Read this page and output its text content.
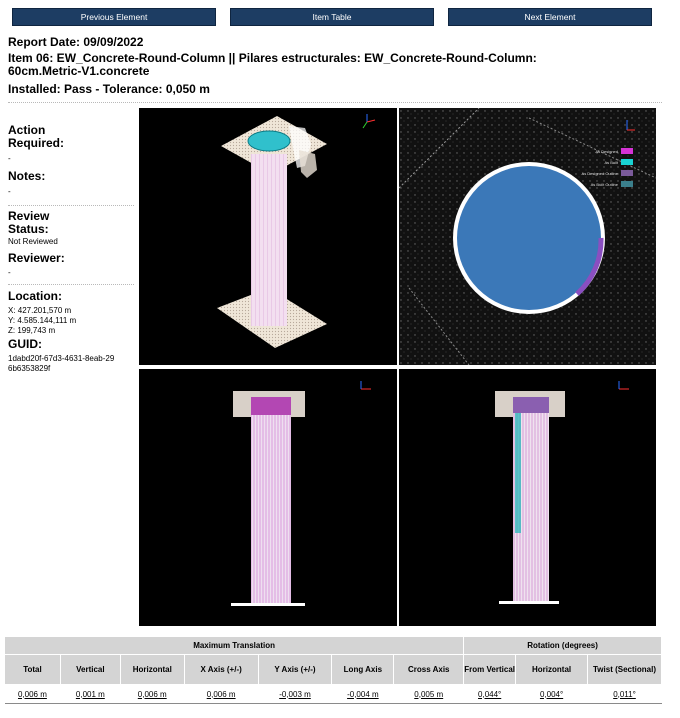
Previous Element	Item Table	Next Element
Report Date: 09/09/2022
Item 06: EW_Concrete-Round-Column || Pilares estructurales: EW_Concrete-Round-Column: 60cm.Metric-V1.concrete
Installed: Pass - Tolerance: 0,050 m
Action Required:
-
Notes:
-
Review Status:
Not Reviewed
Reviewer:
-
Location:
X: 427.201,570 m
Y: 4.585.144,111 m
Z: 199,743 m
GUID:
1dabd20f-67d3-4631-8eab-296b6353829f
As Designed
As Built
As Designed Outline
As Built Outline
Maximum Translation							Rotation (degrees)		
Total	Vertical	Horizontal	X Axis (+/-)	Y Axis (+/-)	Long Axis	Cross Axis	From Vertical	Horizontal	Twist (Sectional)
0,006 m	0,001 m	0,006 m	0,006 m	-0,003 m	-0,004 m	0,005 m	0,044°	0,004°	0,011°
